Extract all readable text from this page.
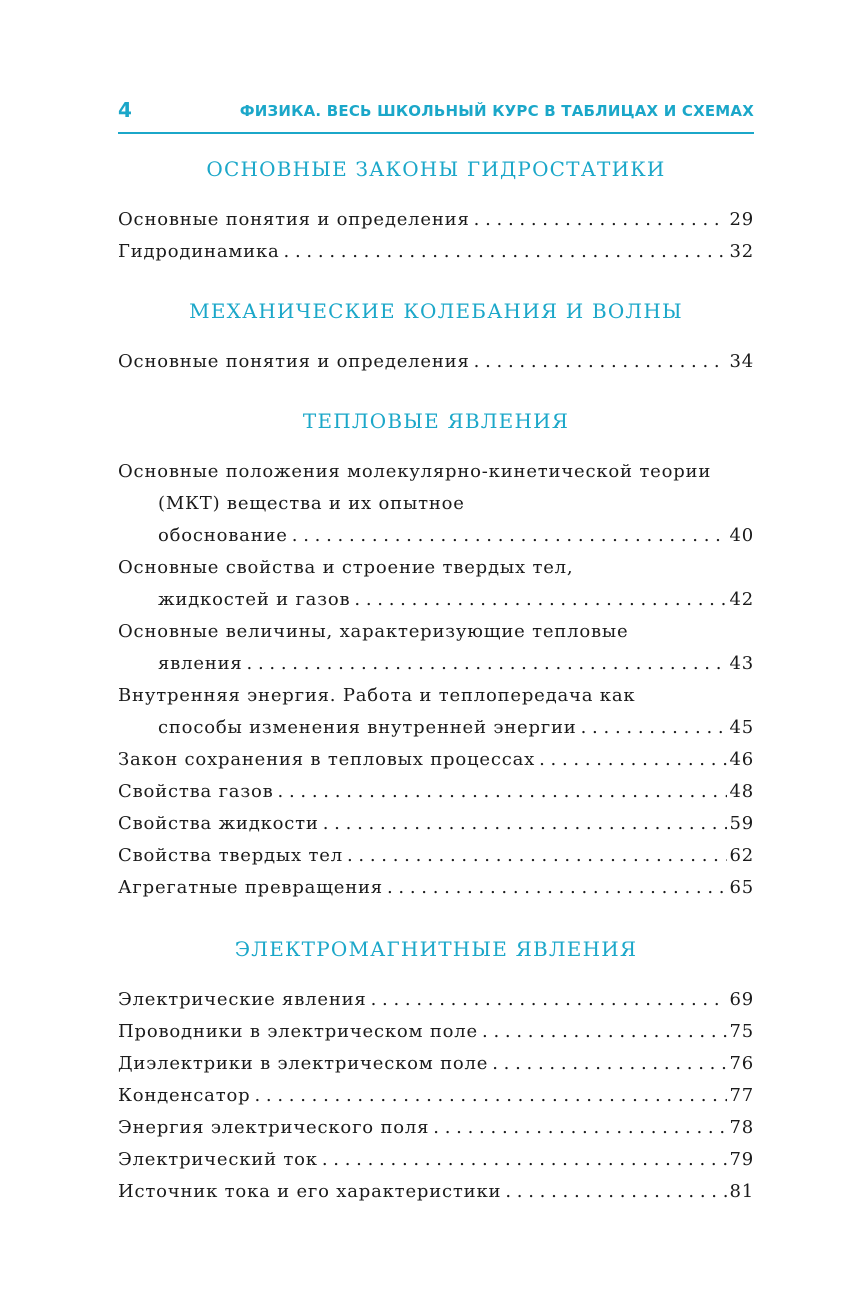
4	ФИЗИКА. ВЕСЬ ШКОЛЬНЫЙ КУРС В ТАБЛИЦАХ И СХЕМАХ
ОСНОВНЫЕ ЗАКОНЫ ГИДРОСТАТИКИ
Основные понятия и определения . . .	29
Гидродинамика . . .	32
МЕХАНИЧЕСКИЕ КОЛЕБАНИЯ И ВОЛНЫ
Основные понятия и определения . . .	34
ТЕПЛОВЫЕ ЯВЛЕНИЯ
Основные положения молекулярно-кинетической теории
(МКТ) вещества и их опытное
обоснование . . .	40
Основные свойства и строение твердых тел,
жидкостей и газов . . .	42
Основные величины, характеризующие тепловые
явления . . .	43
Внутренняя энергия. Работа и теплопередача как
способы изменения внутренней энергии . . .	45
Закон сохранения в тепловых процессах . . .	46
Свойства газов . . .	48
Свойства жидкости . . .	59
Свойства твердых тел . . .	62
Агрегатные превращения . . .	65
ЭЛЕКТРОМАГНИТНЫЕ ЯВЛЕНИЯ
Электрические явления . . .	69
Проводники в электрическом поле . . .	75
Диэлектрики в электрическом поле . . .	76
Конденсатор . . .	77
Энергия электрического поля . . .	78
Электрический ток . . .	79
Источник тока и его характеристики . . .	81
